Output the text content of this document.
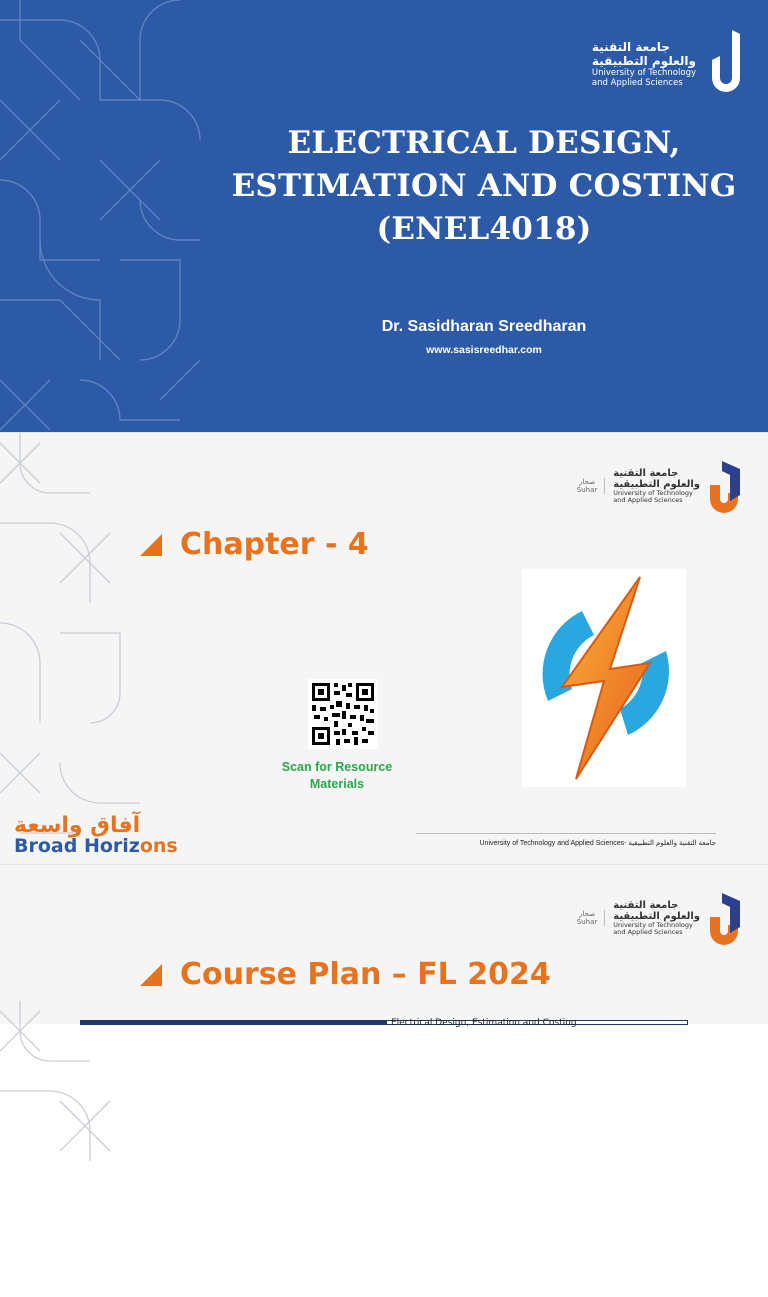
جامعة التقنية
والعلوم التطبيقية
University of Technology
and Applied Sciences
ELECTRICAL DESIGN,
ESTIMATION AND COSTING
(ENEL4018)
Dr. Sasidharan Sreedharan
www.sasisreedhar.com
صحار
Suhar
جامعة التقنية
والعلوم التطبيقية
University of Technology
and Applied Sciences
Chapter - 4
Scan for Resource
Materials
آفاق واسعة
Broad Horizons	University of Technology and Applied Sciences- جامعة التقنية والعلوم التطبيقية
صحار
Suhar
جامعة التقنية
والعلوم التطبيقية
University of Technology
and Applied Sciences
Course Plan – FL 2024
Electrical Design, Estimation and Costing
